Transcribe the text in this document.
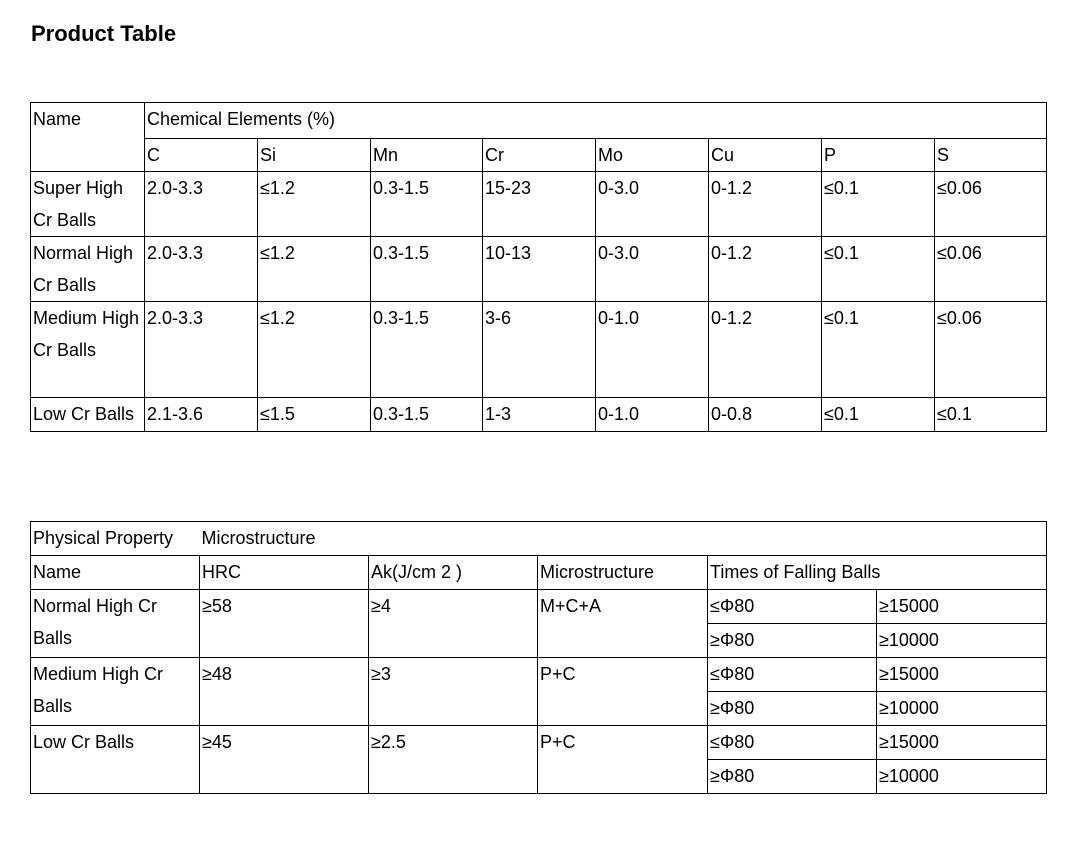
Product Table
Name	Chemical Elements (%)							
	C	Si	Mn	Cr	Mo	Cu	P	S
Super High Cr Balls	2.0-3.3	≤1.2	0.3-1.5	15-23	0-3.0	0-1.2	≤0.1	≤0.06
Normal High Cr Balls	2.0-3.3	≤1.2	0.3-1.5	10-13	0-3.0	0-1.2	≤0.1	≤0.06
Medium High Cr Balls	2.0-3.3	≤1.2	0.3-1.5	3-6	0-1.0	0-1.2	≤0.1	≤0.06
Low Cr Balls	2.1-3.6	≤1.5	0.3-1.5	1-3	0-1.0	0-0.8	≤0.1	≤0.1
Physical Property	Microstructure				
Name	HRC	Ak(J/cm 2 )	Microstructure	Times of Falling Balls	
Normal High Cr Balls	≥58	≥4	M+C+A	≤Φ80	≥15000
				≥Φ80	≥10000
Medium High Cr Balls	≥48	≥3	P+C	≤Φ80	≥15000
				≥Φ80	≥10000
Low Cr Balls	≥45	≥2.5	P+C	≤Φ80	≥15000
				≥Φ80	≥10000
